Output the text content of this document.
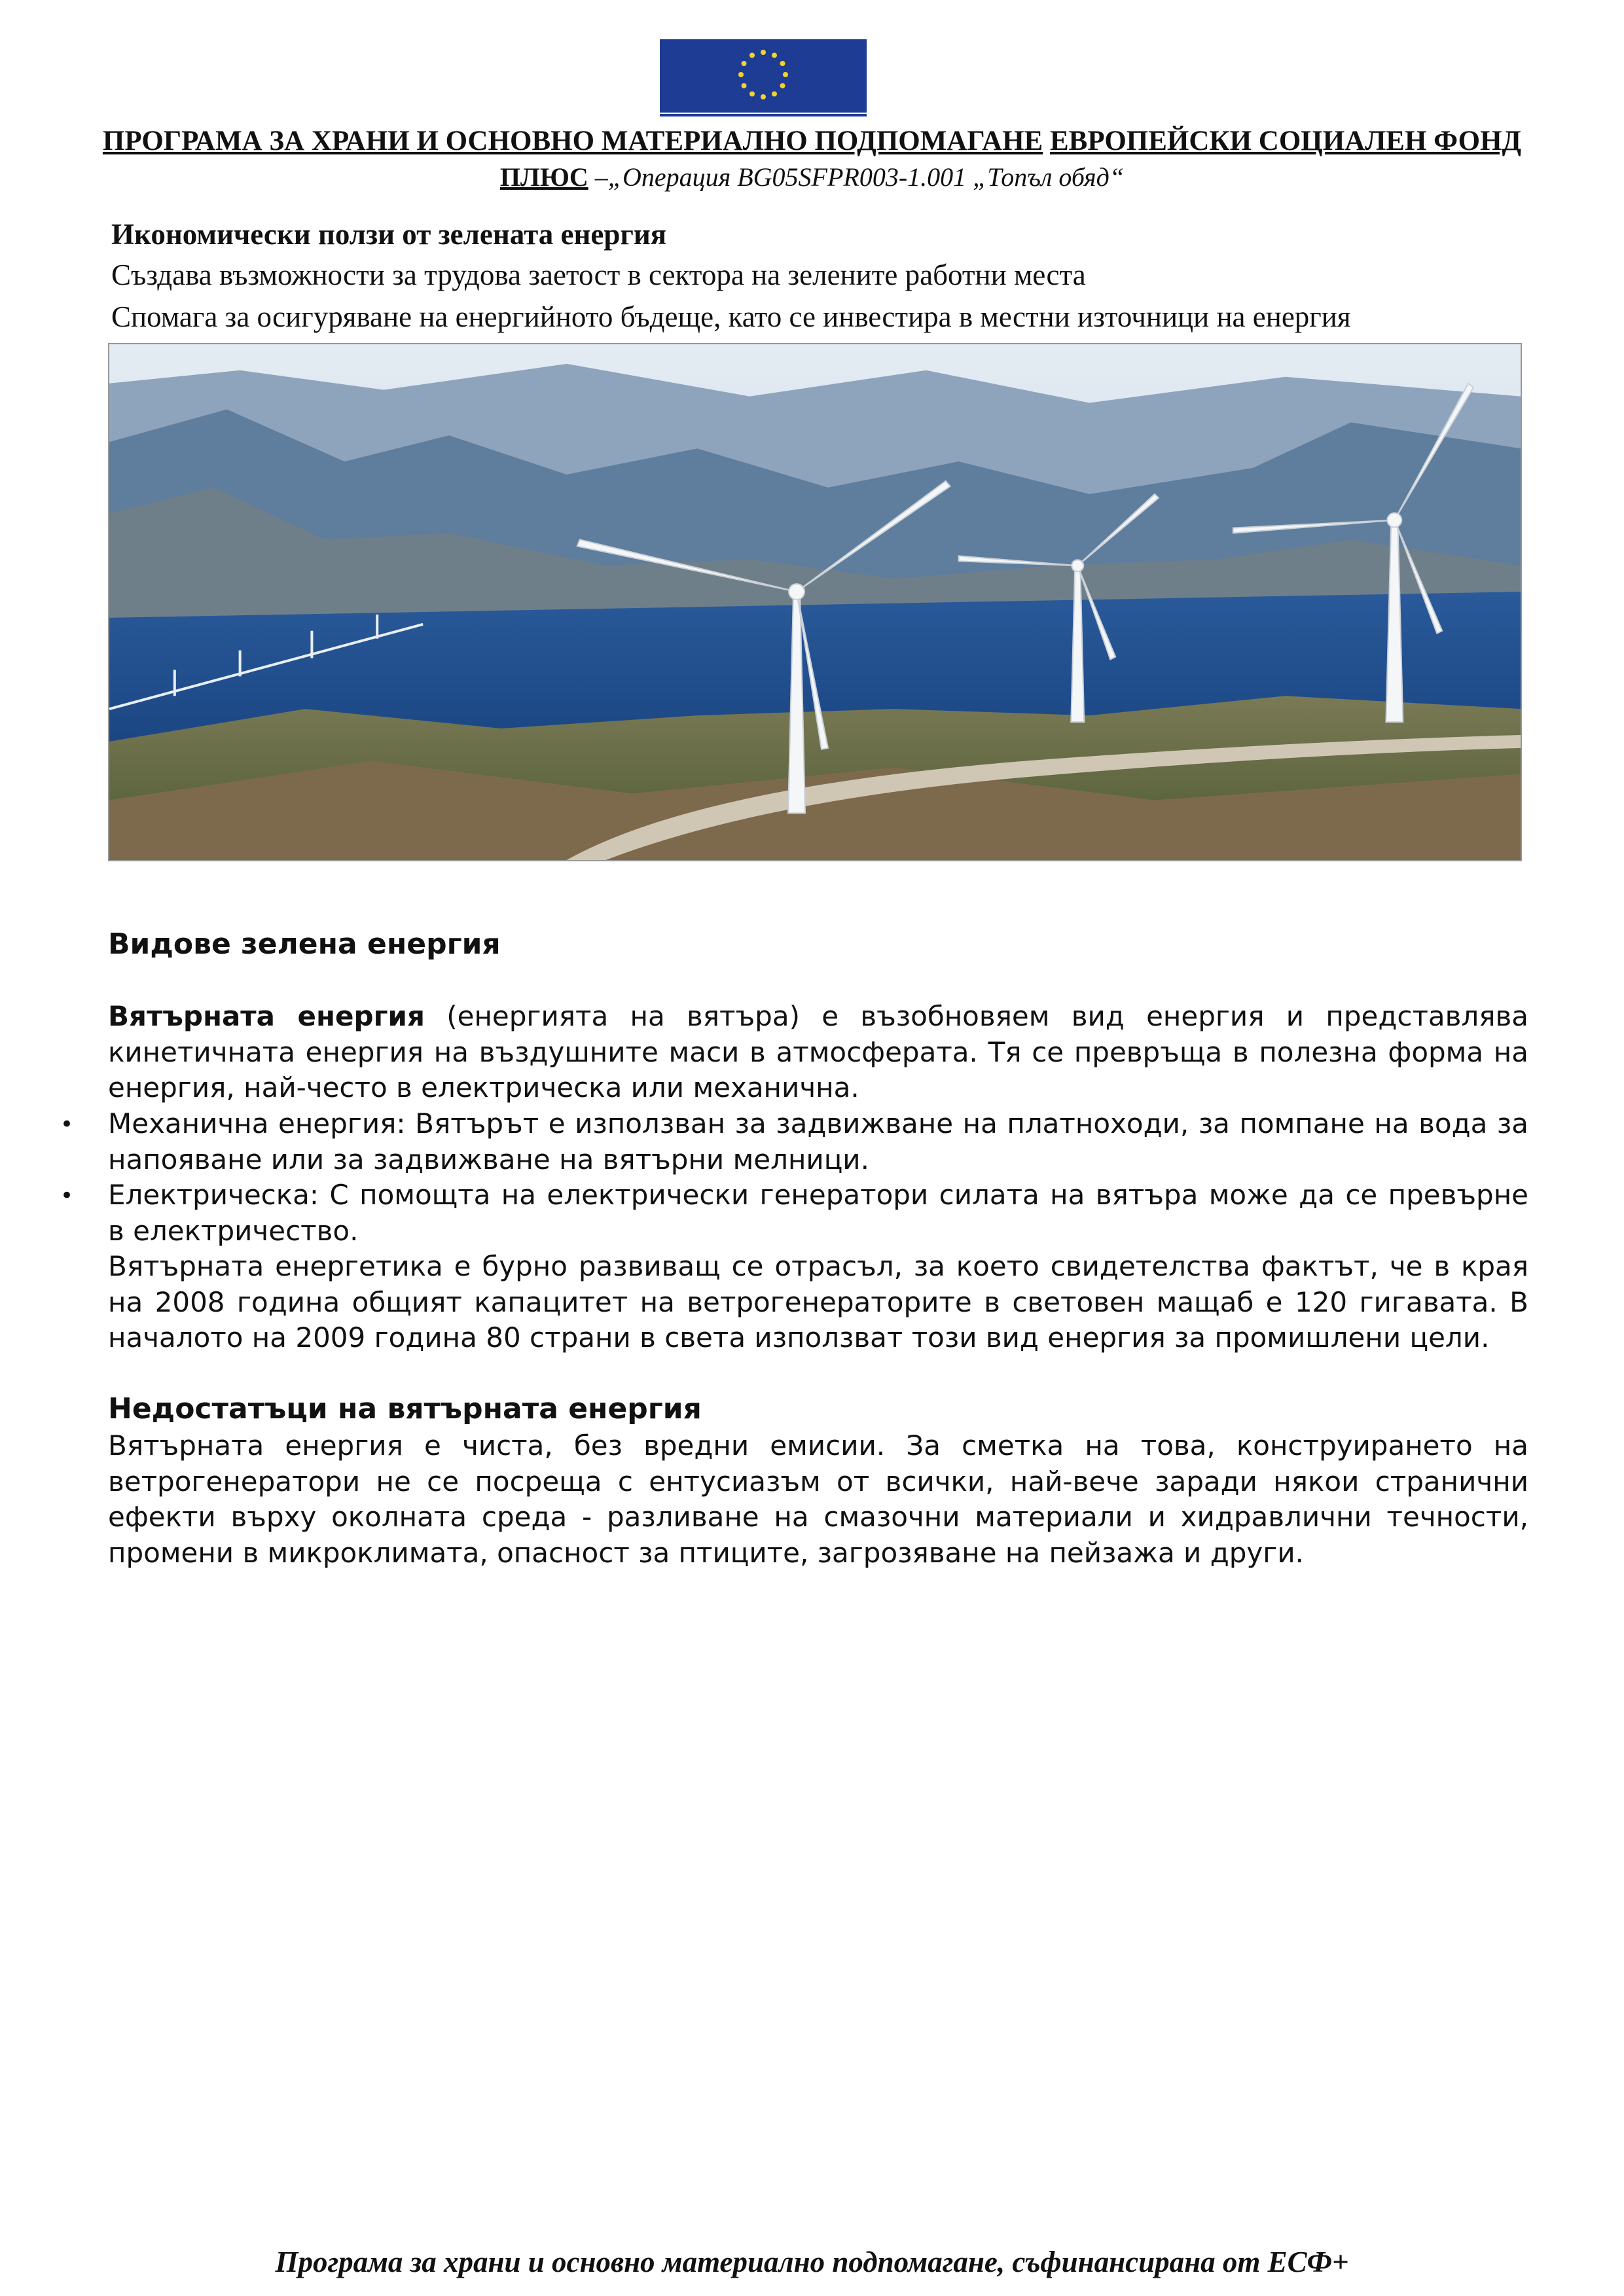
ПРОГРАМА ЗА ХРАНИ И ОСНОВНО МАТЕРИАЛНО ПОДПОМАГАНЕ ЕВРОПЕЙСКИ СОЦИАЛЕН ФОНД
ПЛЮС –„Операция BG05SFPR003-1.001 „Топъл обяд“
Икономически ползи от зелената енергия
Създава възможности за трудова заетост в сектора на зелените работни места
Спомага за осигуряване на енергийното бъдеще, като се инвестира в местни източници на енергия
Видове зелена енергия
Вятърната енергия (енергията на вятъра) е възобновяем вид енергия и представлява кинетичната енергия на въздушните маси в атмосферата. Тя се превръща в полезна форма на енергия, най-често в електрическа или механична.
• Механична енергия: Вятърът е използван за задвижване на платноходи, за помпане на вода за напояване или за задвижване на вятърни мелници.
• Електрическа: С помощта на електрически генератори силата на вятъра може да се превърне в електричество.
Вятърната енергетика е бурно развиващ се отрасъл, за което свидетелства фактът, че в края на 2008 година общият капацитет на ветрогенераторите в световен мащаб е 120 гигавата. В началото на 2009 година 80 страни в света използват този вид енергия за промишлени цели.
Недостатъци на вятърната енергия
Вятърната енергия е чиста, без вредни емисии. За сметка на това, конструирането на ветрогенератори не се посреща с ентусиазъм от всички, най-вече заради някои странични ефекти върху околната среда - разливане на смазочни материали и хидравлични течности, промени в микроклимата, опасност за птиците, загрозяване на пейзажа и други.
Програма за храни и основно материално подпомагане, съфинансирана от ЕСФ+
